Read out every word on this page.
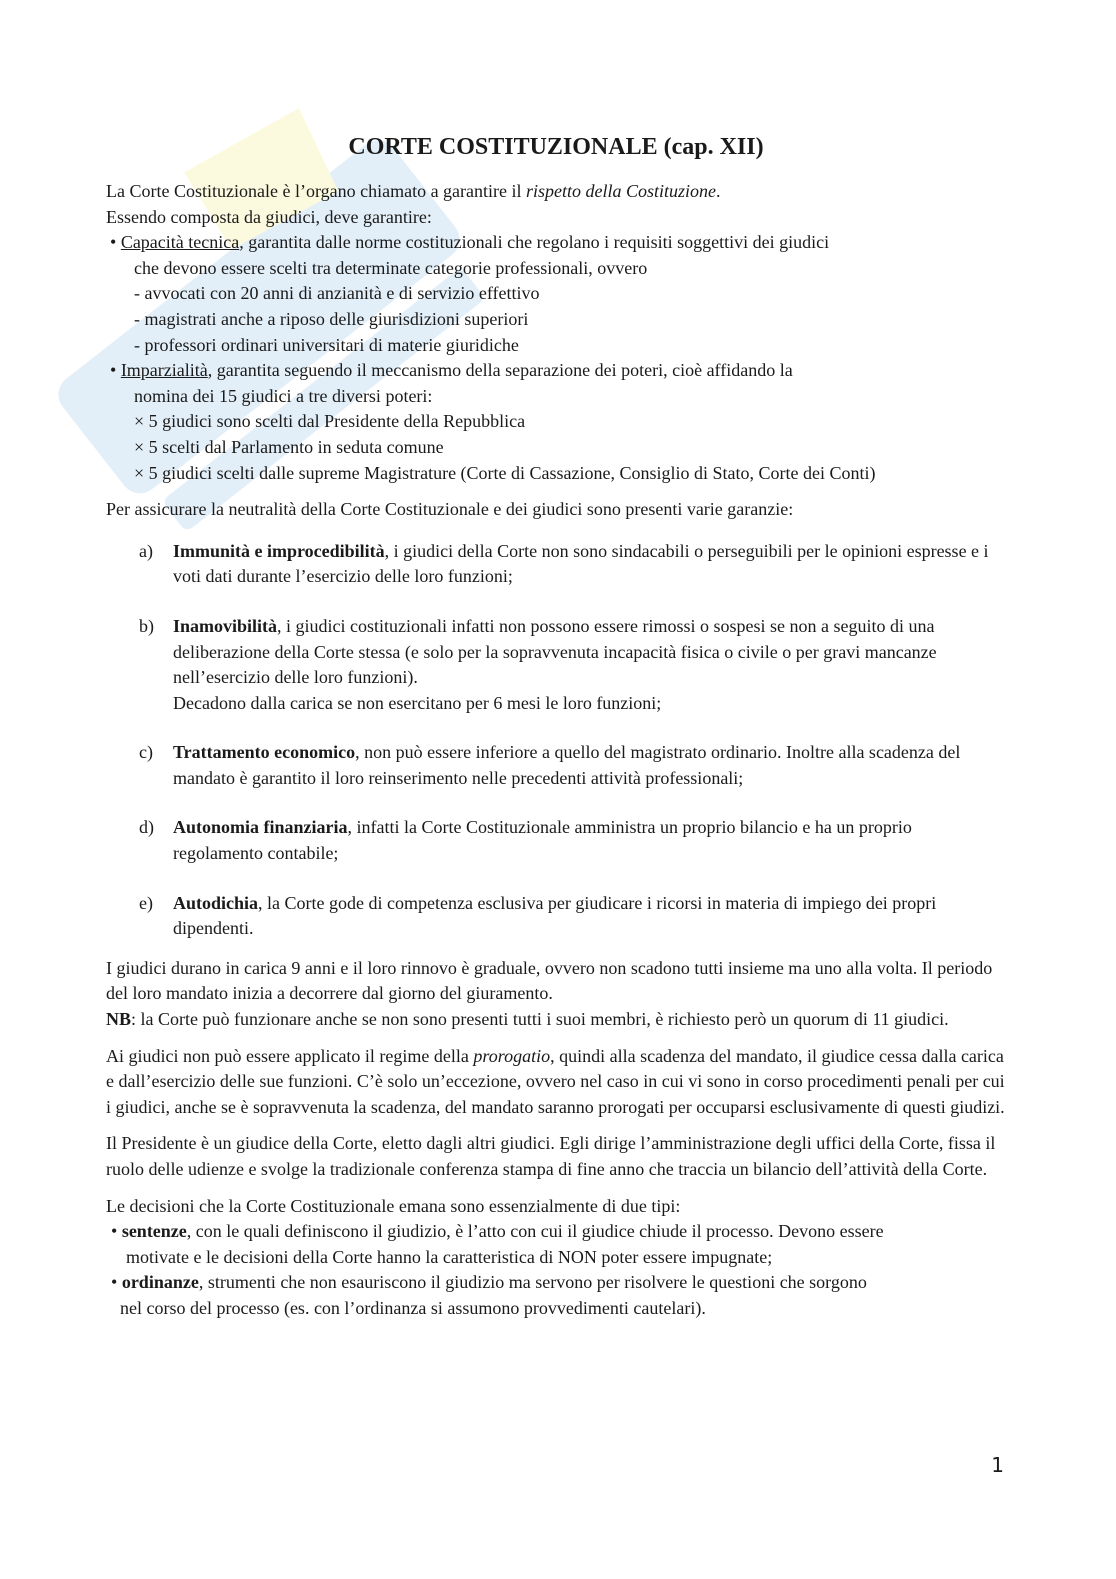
CORTE COSTITUZIONALE (cap. XII)

La Corte Costituzionale è l’organo chiamato a garantire il rispetto della Costituzione.

Essendo composta da giudici, deve garantire:

• Capacità tecnica, garantita dalle norme costituzionali che regolano i requisiti soggettivi dei giudici

che devono essere scelti tra determinate categorie professionali, ovvero

- avvocati con 20 anni di anzianità e di servizio effettivo

- magistrati anche a riposo delle giurisdizioni superiori

- professori ordinari universitari di materie giuridiche

• Imparzialità, garantita seguendo il meccanismo della separazione dei poteri, cioè affidando la

nomina dei 15 giudici a tre diversi poteri:

× 5 giudici sono scelti dal Presidente della Repubblica

× 5 scelti dal Parlamento in seduta comune

× 5 giudici scelti dalle supreme Magistrature (Corte di Cassazione, Consiglio di Stato, Corte dei Conti)

Per assicurare la neutralità della Corte Costituzionale e dei giudici sono presenti varie garanzie:

a) Immunità e improcedibilità, i giudici della Corte non sono sindacabili o perseguibili per le opinioni espresse e i voti dati durante l’esercizio delle loro funzioni;
b) Inamovibilità, i giudici costituzionali infatti non possono essere rimossi o sospesi se non a seguito di una deliberazione della Corte stessa (e solo per la sopravvenuta incapacità fisica o civile o per gravi mancanze nell’esercizio delle loro funzioni).
Decadono dalla carica se non esercitano per 6 mesi le loro funzioni;
c) Trattamento economico, non può essere inferiore a quello del magistrato ordinario. Inoltre alla scadenza del mandato è garantito il loro reinserimento nelle precedenti attività professionali;
d) Autonomia finanziaria, infatti la Corte Costituzionale amministra un proprio bilancio e ha un proprio regolamento contabile;
e) Autodichia, la Corte gode di competenza esclusiva per giudicare i ricorsi in materia di impiego dei propri dipendenti.

I giudici durano in carica 9 anni e il loro rinnovo è graduale, ovvero non scadono tutti insieme ma uno alla volta. Il periodo del loro mandato inizia a decorrere dal giorno del giuramento.

NB: la Corte può funzionare anche se non sono presenti tutti i suoi membri, è richiesto però un quorum di 11 giudici.

Ai giudici non può essere applicato il regime della prorogatio, quindi alla scadenza del mandato, il giudice cessa dalla carica e dall’esercizio delle sue funzioni. C’è solo un’eccezione, ovvero nel caso in cui vi sono in corso procedimenti penali per cui i giudici, anche se è sopravvenuta la scadenza, del mandato saranno prorogati per occuparsi esclusivamente di questi giudizi.

Il Presidente è un giudice della Corte, eletto dagli altri giudici. Egli dirige l’amministrazione degli uffici della Corte, fissa il ruolo delle udienze e svolge la tradizionale conferenza stampa di fine anno che traccia un bilancio dell’attività della Corte.

Le decisioni che la Corte Costituzionale emana sono essenzialmente di due tipi:

• sentenze, con le quali definiscono il giudizio, è l’atto con cui il giudice chiude il processo. Devono essere

motivate e le decisioni della Corte hanno la caratteristica di NON poter essere impugnate;

• ordinanze, strumenti che non esauriscono il giudizio ma servono per risolvere le questioni che sorgono

nel corso del processo (es. con l’ordinanza si assumono provvedimenti cautelari).

1
